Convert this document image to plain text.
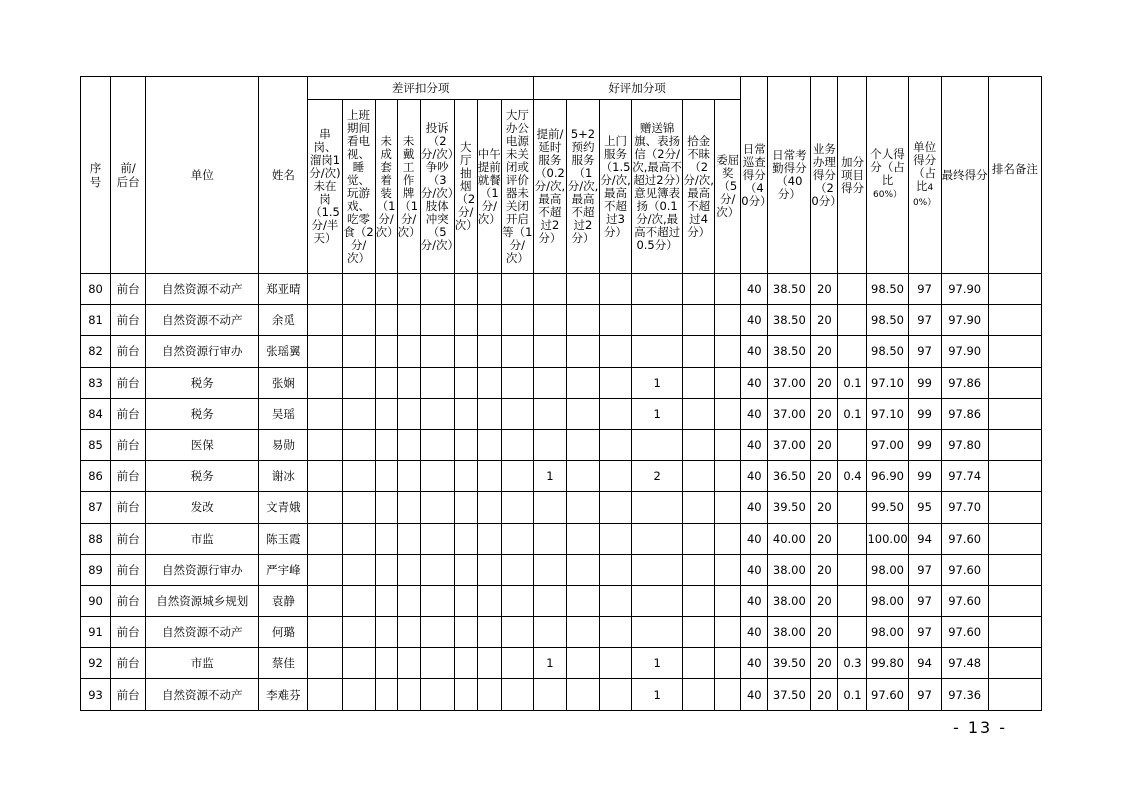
序
号	前/
后台	单位	姓名	差评扣分项								好评加分项						日常巡查得分（40分）	日常考勤得分（40分）	业务办理得分（20分）	加分项目得分	个人得分（占比60%）	单位得分（占比40%）	最终得分	排名备注
				串岗、溜岗1分/次)未在岗（1.5分/半天）	上班期间看电视、睡觉、玩游戏、吃零食（2分/次）	未成套着装（1分/次）	未戴工作牌（1分/次）	投诉（2分/次）争吵（3分/次）肢体冲突（5分/次）	大厅抽烟（2分/次）	中午提前就餐（1分/次）	大厅办公电源未关闭或评价器未关闭开启等（1分/次）	提前/延时服务（0.2分/次,最高不超过2分）	5+2预约服务（1分/次,最高不超过2分）	上门服务（1.5分/次,最高不超过3分）	赠送锦旗、表扬信（2分/次,最高不超过2分）意见簿表扬（0.1分/次,最高不超过0.5分）	拾金不昧（2分/次,最高不超过4分）	委屈奖（5分/次）								
80	前台	自然资源不动产	郑亚晴															40	38.50	20		98.50	97	97.90	
81	前台	自然资源不动产	余觅															40	38.50	20		98.50	97	97.90	
82	前台	自然资源行审办	张瑶翼															40	38.50	20		98.50	97	97.90	
83	前台	税务	张娴												1			40	37.00	20	0.1	97.10	99	97.86	
84	前台	税务	吴瑶												1			40	37.00	20	0.1	97.10	99	97.86	
85	前台	医保	易勋															40	37.00	20		97.00	99	97.80	
86	前台	税务	谢冰									1			2			40	36.50	20	0.4	96.90	99	97.74	
87	前台	发改	文青娥															40	39.50	20		99.50	95	97.70	
88	前台	市监	陈玉霞															40	40.00	20		100.00	94	97.60	
89	前台	自然资源行审办	严宇峰															40	38.00	20		98.00	97	97.60	
90	前台	自然资源城乡规划	袁静															40	38.00	20		98.00	97	97.60	
91	前台	自然资源不动产	何璐															40	38.00	20		98.00	97	97.60	
92	前台	市监	蔡佳									1			1			40	39.50	20	0.3	99.80	94	97.48	
93	前台	自然资源不动产	李难芬												1			40	37.50	20	0.1	97.60	97	97.36	
- 13 -
